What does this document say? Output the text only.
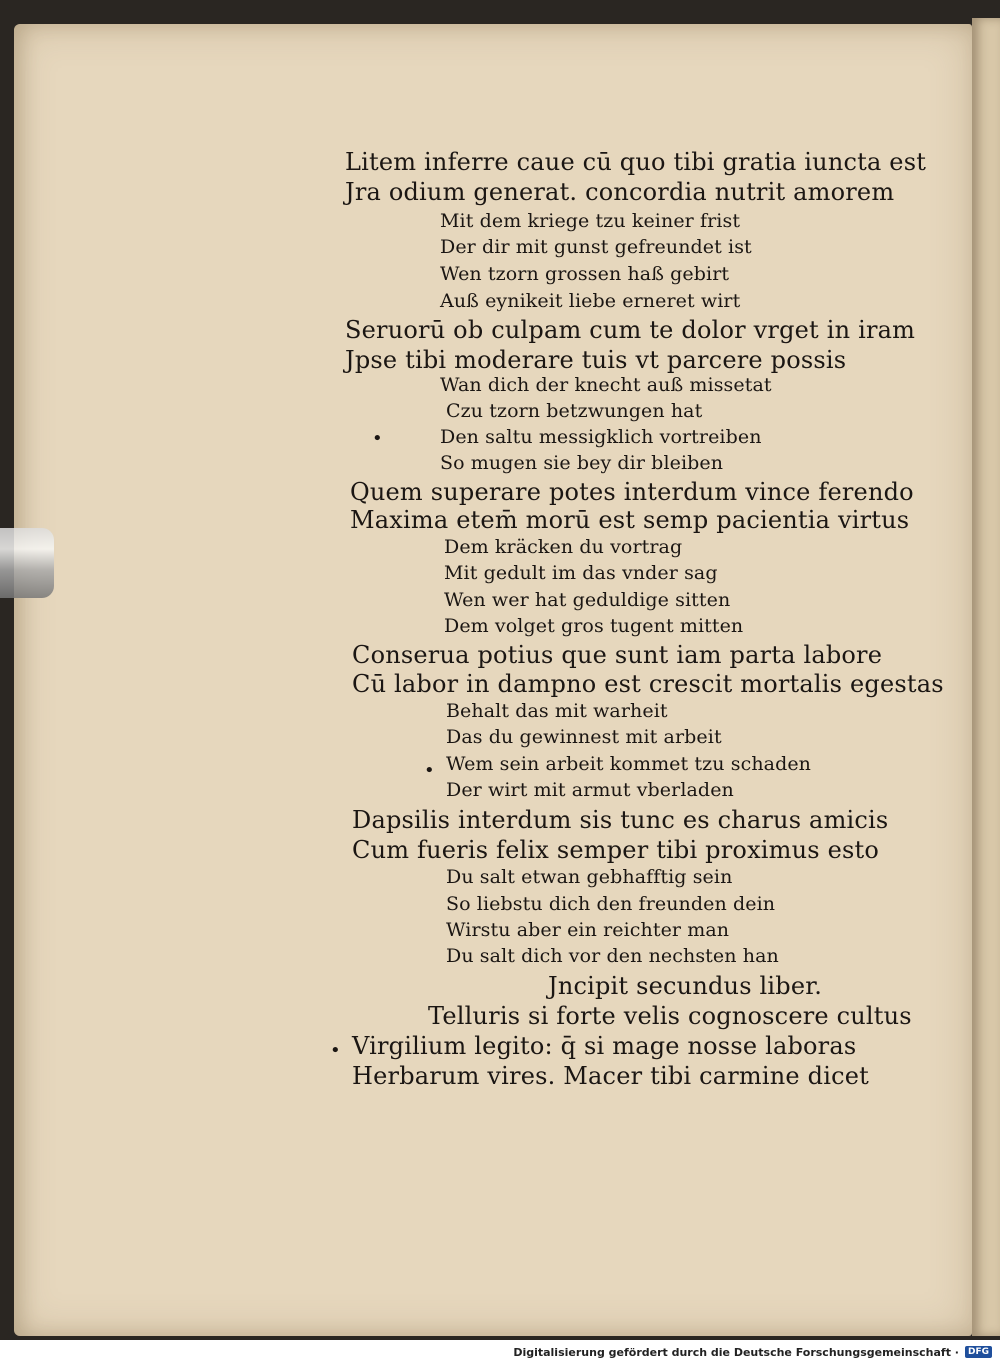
Litem inferre caue cū quo tibi gratia iuncta est
Jra odium generat. concordia nutrit amorem
Mit dem kriege tzu keiner frist
Der dir mit gunst gefreundet ist
Wen tzorn grossen haß gebirt
Auß eynikeit liebe erneret wirt
Seruorū ob culpam cum te dolor vrget in iram
Jpse tibi moderare tuis vt parcere possis
Wan dich der knecht auß missetat
Czu tzorn betzwungen hat
Den saltu messigklich vortreiben
So mugen sie bey dir bleiben
Quem superare potes interdum vince ferendo
Maxima etem̄ morū est semp pacientia virtus
Dem kräcken du vortrag
Mit gedult im das vnder sag
Wen wer hat geduldige sitten
Dem volget gros tugent mitten
Conserua potius que sunt iam parta labore
Cū labor in dampno est crescit mortalis egestas
Behalt das mit warheit
Das du gewinnest mit arbeit
Wem sein arbeit kommet tzu schaden
Der wirt mit armut vberladen
Dapsilis interdum sis tunc es charus amicis
Cum fueris felix semper tibi proximus esto
Du salt etwan gebhafftig sein
So liebstu dich den freunden dein
Wirstu aber ein reichter man
Du salt dich vor den nechsten han
Jncipit secundus liber.
Telluris si forte velis cognoscere cultus
Virgilium legito: q̄ si mage nosse laboras
Herbarum vires. Macer tibi carmine dicet
•
•
•
Digitalisierung gefördert durch die Deutsche Forschungsgemeinschaft ·	DFG
